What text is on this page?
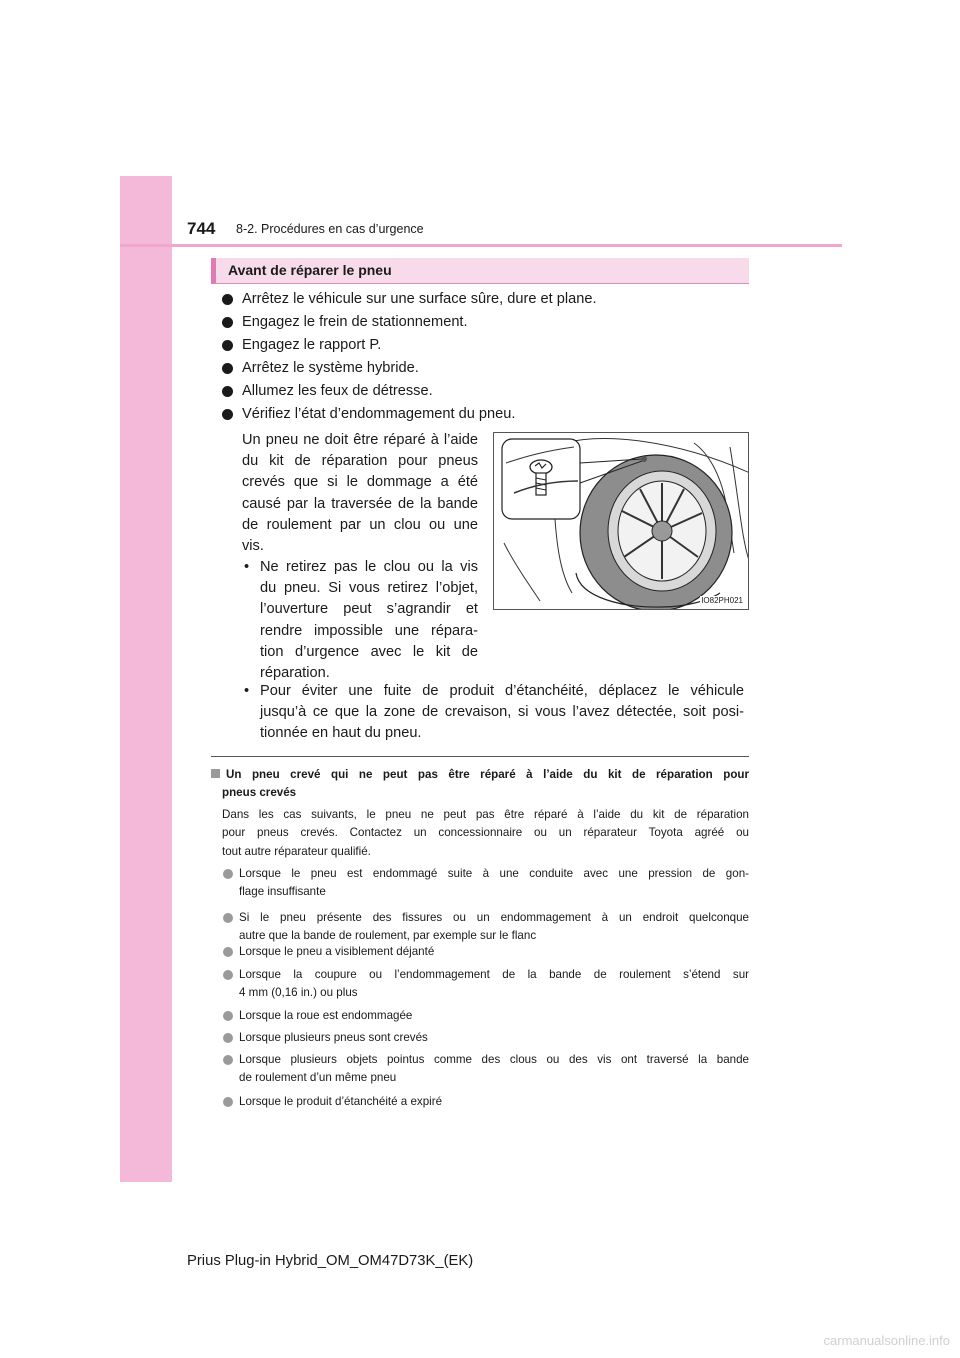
744 8-2. Procédures en cas d’urgence
Avant de réparer le pneu
Arrêtez le véhicule sur une surface sûre, dure et plane.
Engagez le frein de stationnement.
Engagez le rapport P.
Arrêtez le système hybride.
Allumez les feux de détresse.
Vérifiez l’état d’endommagement du pneu.
Un pneu ne doit être réparé à l’aide
du kit de réparation pour pneus
crevés que si le dommage a été
causé par la traversée de la bande
de roulement par un clou ou une
vis.
• Ne retirez pas le clou ou la vis
du pneu. Si vous retirez l’objet,
l’ouverture peut s’agrandir et
rendre impossible une répara-
tion d’urgence avec le kit de
réparation.
• Pour éviter une fuite de produit d’étanchéité, déplacez le véhicule
jusqu’à ce que la zone de crevaison, si vous l’avez détectée, soit posi-
tionnée en haut du pneu.
IO82PH021
Un pneu crevé qui ne peut pas être réparé à l’aide du kit de réparation pour
pneus crevés
Dans les cas suivants, le pneu ne peut pas être réparé à l’aide du kit de réparation
pour pneus crevés. Contactez un concessionnaire ou un réparateur Toyota agréé ou
tout autre réparateur qualifié.
Lorsque le pneu est endommagé suite à une conduite avec une pression de gon-
flage insuffisante
Si le pneu présente des fissures ou un endommagement à un endroit quelconque
autre que la bande de roulement, par exemple sur le flanc
Lorsque le pneu a visiblement déjanté
Lorsque la coupure ou l’endommagement de la bande de roulement s’étend sur
4 mm (0,16 in.) ou plus
Lorsque la roue est endommagée
Lorsque plusieurs pneus sont crevés
Lorsque plusieurs objets pointus comme des clous ou des vis ont traversé la bande
de roulement d’un même pneu
Lorsque le produit d’étanchéité a expiré
Prius Plug-in Hybrid_OM_OM47D73K_(EK)
carmanualsonline.info
